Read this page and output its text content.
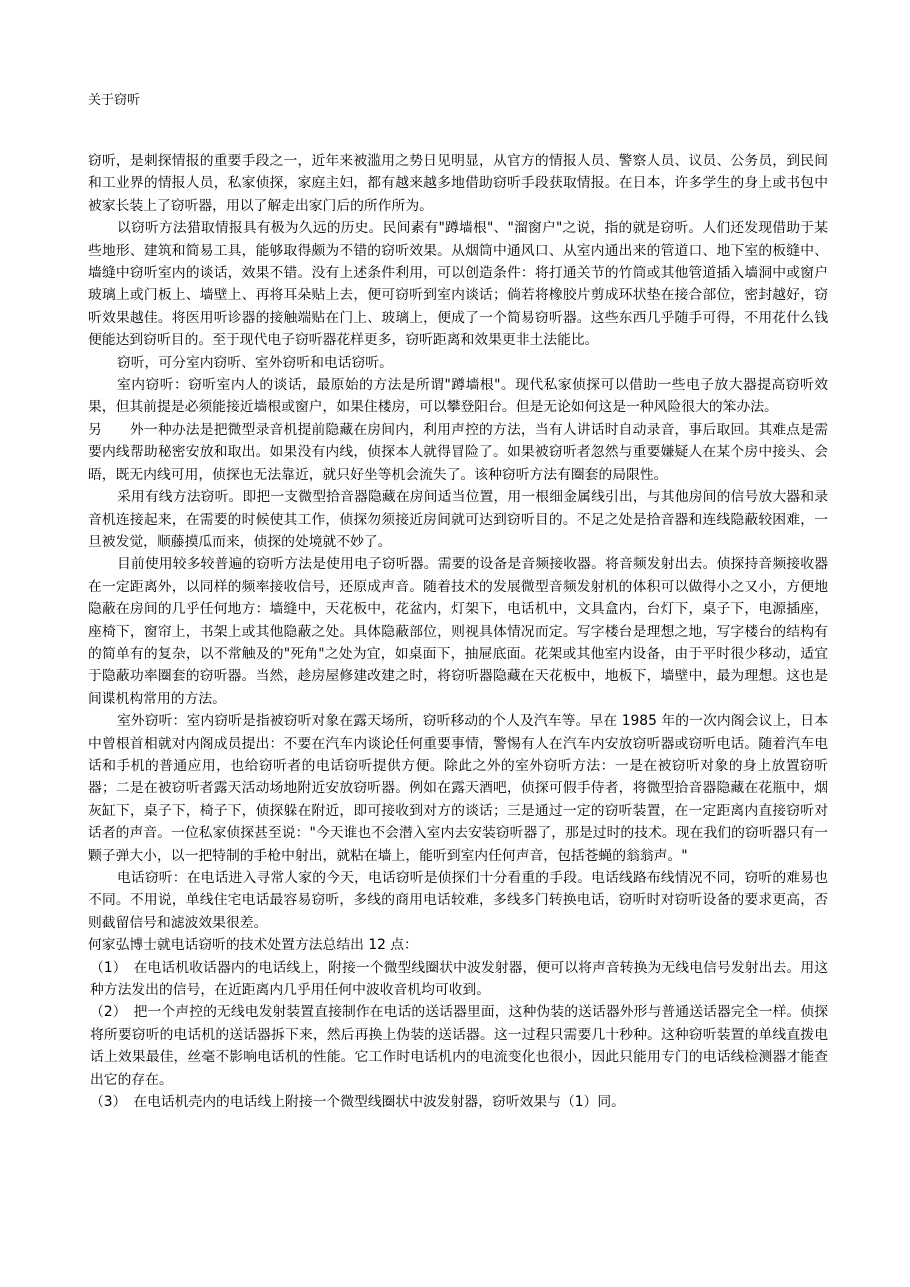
关于窃听

窃听，是刺探情报的重要手段之一，近年来被滥用之势日见明显，从官方的情报人员、警察人员、议员、公务员，到民间和工业界的情报人员，私家侦探，家庭主妇，都有越来越多地借助窃听手段获取情报。在日本，许多学生的身上或书包中被家长装上了窃听器，用以了解走出家门后的所作所为。

以窃听方法猎取情报具有极为久远的历史。民间素有"蹲墙根"、"溜窗户"之说，指的就是窃听。人们还发现借助于某些地形、建筑和简易工具，能够取得颇为不错的窃听效果。从烟筒中通风口、从室内通出来的管道口、地下室的板缝中、墙缝中窃听室内的谈话，效果不错。没有上述条件利用，可以创造条件：将打通关节的竹筒或其他管道插入墙洞中或窗户玻璃上或门板上、墙壁上、再将耳朵贴上去，便可窃听到室内谈话；倘若将橡胶片剪成环状垫在接合部位，密封越好，窃听效果越佳。将医用听诊器的接触端贴在门上、玻璃上，便成了一个简易窃听器。这些东西几乎随手可得，不用花什么钱便能达到窃听目的。至于现代电子窃听器花样更多，窃听距离和效果更非土法能比。

窃听，可分室内窃听、室外窃听和电话窃听。

室内窃听：窃听室内人的谈话，最原始的方法是所谓"蹲墙根"。现代私家侦探可以借助一些电子放大器提高窃听效果，但其前提是必须能接近墙根或窗户，如果住楼房，可以攀登阳台。但是无论如何这是一种风险很大的笨办法。

另　　外一种办法是把微型录音机提前隐藏在房间内，利用声控的方法，当有人讲话时自动录音，事后取回。其难点是需要内线帮助秘密安放和取出。如果没有内线，侦探本人就得冒险了。如果被窃听者忽然与重要嫌疑人在某个房中接头、会晤，既无内线可用，侦探也无法靠近，就只好坐等机会流失了。该种窃听方法有圈套的局限性。

采用有线方法窃听。即把一支微型拾音器隐藏在房间适当位置，用一根细金属线引出，与其他房间的信号放大器和录音机连接起来，在需要的时候使其工作，侦探勿须接近房间就可达到窃听目的。不足之处是拾音器和连线隐蔽较困难，一旦被发觉，顺藤摸瓜而来，侦探的处境就不妙了。

目前使用较多较普遍的窃听方法是使用电子窃听器。需要的设备是音频接收器。将音频发射出去。侦探持音频接收器在一定距离外，以同样的频率接收信号，还原成声音。随着技术的发展微型音频发射机的体积可以做得小之又小，方便地隐蔽在房间的几乎任何地方：墙缝中，天花板中，花盆内，灯架下，电话机中，文具盒内，台灯下，桌子下，电源插座，座椅下，窗帘上，书架上或其他隐蔽之处。具体隐蔽部位，则视具体情况而定。写字楼台是理想之地，写字楼台的结构有的简单有的复杂，以不常触及的"死角"之处为宜，如桌面下，抽屉底面。花架或其他室内设备，由于平时很少移动，适宜于隐蔽功率圈套的窃听器。当然，趁房屋修建改建之时，将窃听器隐藏在天花板中，地板下，墙壁中，最为理想。这也是间谍机构常用的方法。

室外窃听：室内窃听是指被窃听对象在露天场所，窃听移动的个人及汽车等。早在 1985 年的一次内阁会议上，日本中曾根首相就对内阁成员提出：不要在汽车内谈论任何重要事情，警惕有人在汽车内安放窃听器或窃听电话。随着汽车电话和手机的普通应用，也给窃听者的电话窃听提供方便。除此之外的室外窃听方法：一是在被窃听对象的身上放置窃听器；二是在被窃听者露天活动场地附近安放窃听器。例如在露天酒吧，侦探可假手侍者，将微型拾音器隐藏在花瓶中，烟灰缸下，桌子下，椅子下，侦探躲在附近，即可接收到对方的谈话；三是通过一定的窃听装置，在一定距离内直接窃听对话者的声音。一位私家侦探甚至说："今天谁也不会潜入室内去安装窃听器了，那是过时的技术。现在我们的窃听器只有一颗子弹大小，以一把特制的手枪中射出，就粘在墙上，能听到室内任何声音，包括苍蝇的翁翁声。"

电话窃听：在电话进入寻常人家的今天，电话窃听是侦探们十分看重的手段。电话线路布线情况不同，窃听的难易也不同。不用说，单线住宅电话最容易窃听，多线的商用电话较难，多线多门转换电话，窃听时对窃听设备的要求更高，否则截留信号和滤波效果很差。

何家弘博士就电话窃听的技术处置方法总结出 12 点：

（1）　在电话机收话器内的电话线上，附接一个微型线圈状中波发射器，便可以将声音转换为无线电信号发射出去。用这种方法发出的信号，在近距离内几乎用任何中波收音机均可收到。

（2）　把一个声控的无线电发射装置直接制作在电话的送话器里面，这种伪装的送话器外形与普通送话器完全一样。侦探将所要窃听的电话机的送话器拆下来，然后再换上伪装的送话器。这一过程只需要几十秒种。这种窃听装置的单线直拨电话上效果最佳，丝毫不影响电话机的性能。它工作时电话机内的电流变化也很小，因此只能用专门的电话线检测器才能查出它的存在。

（3）　在电话机壳内的电话线上附接一个微型线圈状中波发射器，窃听效果与（1）同。
